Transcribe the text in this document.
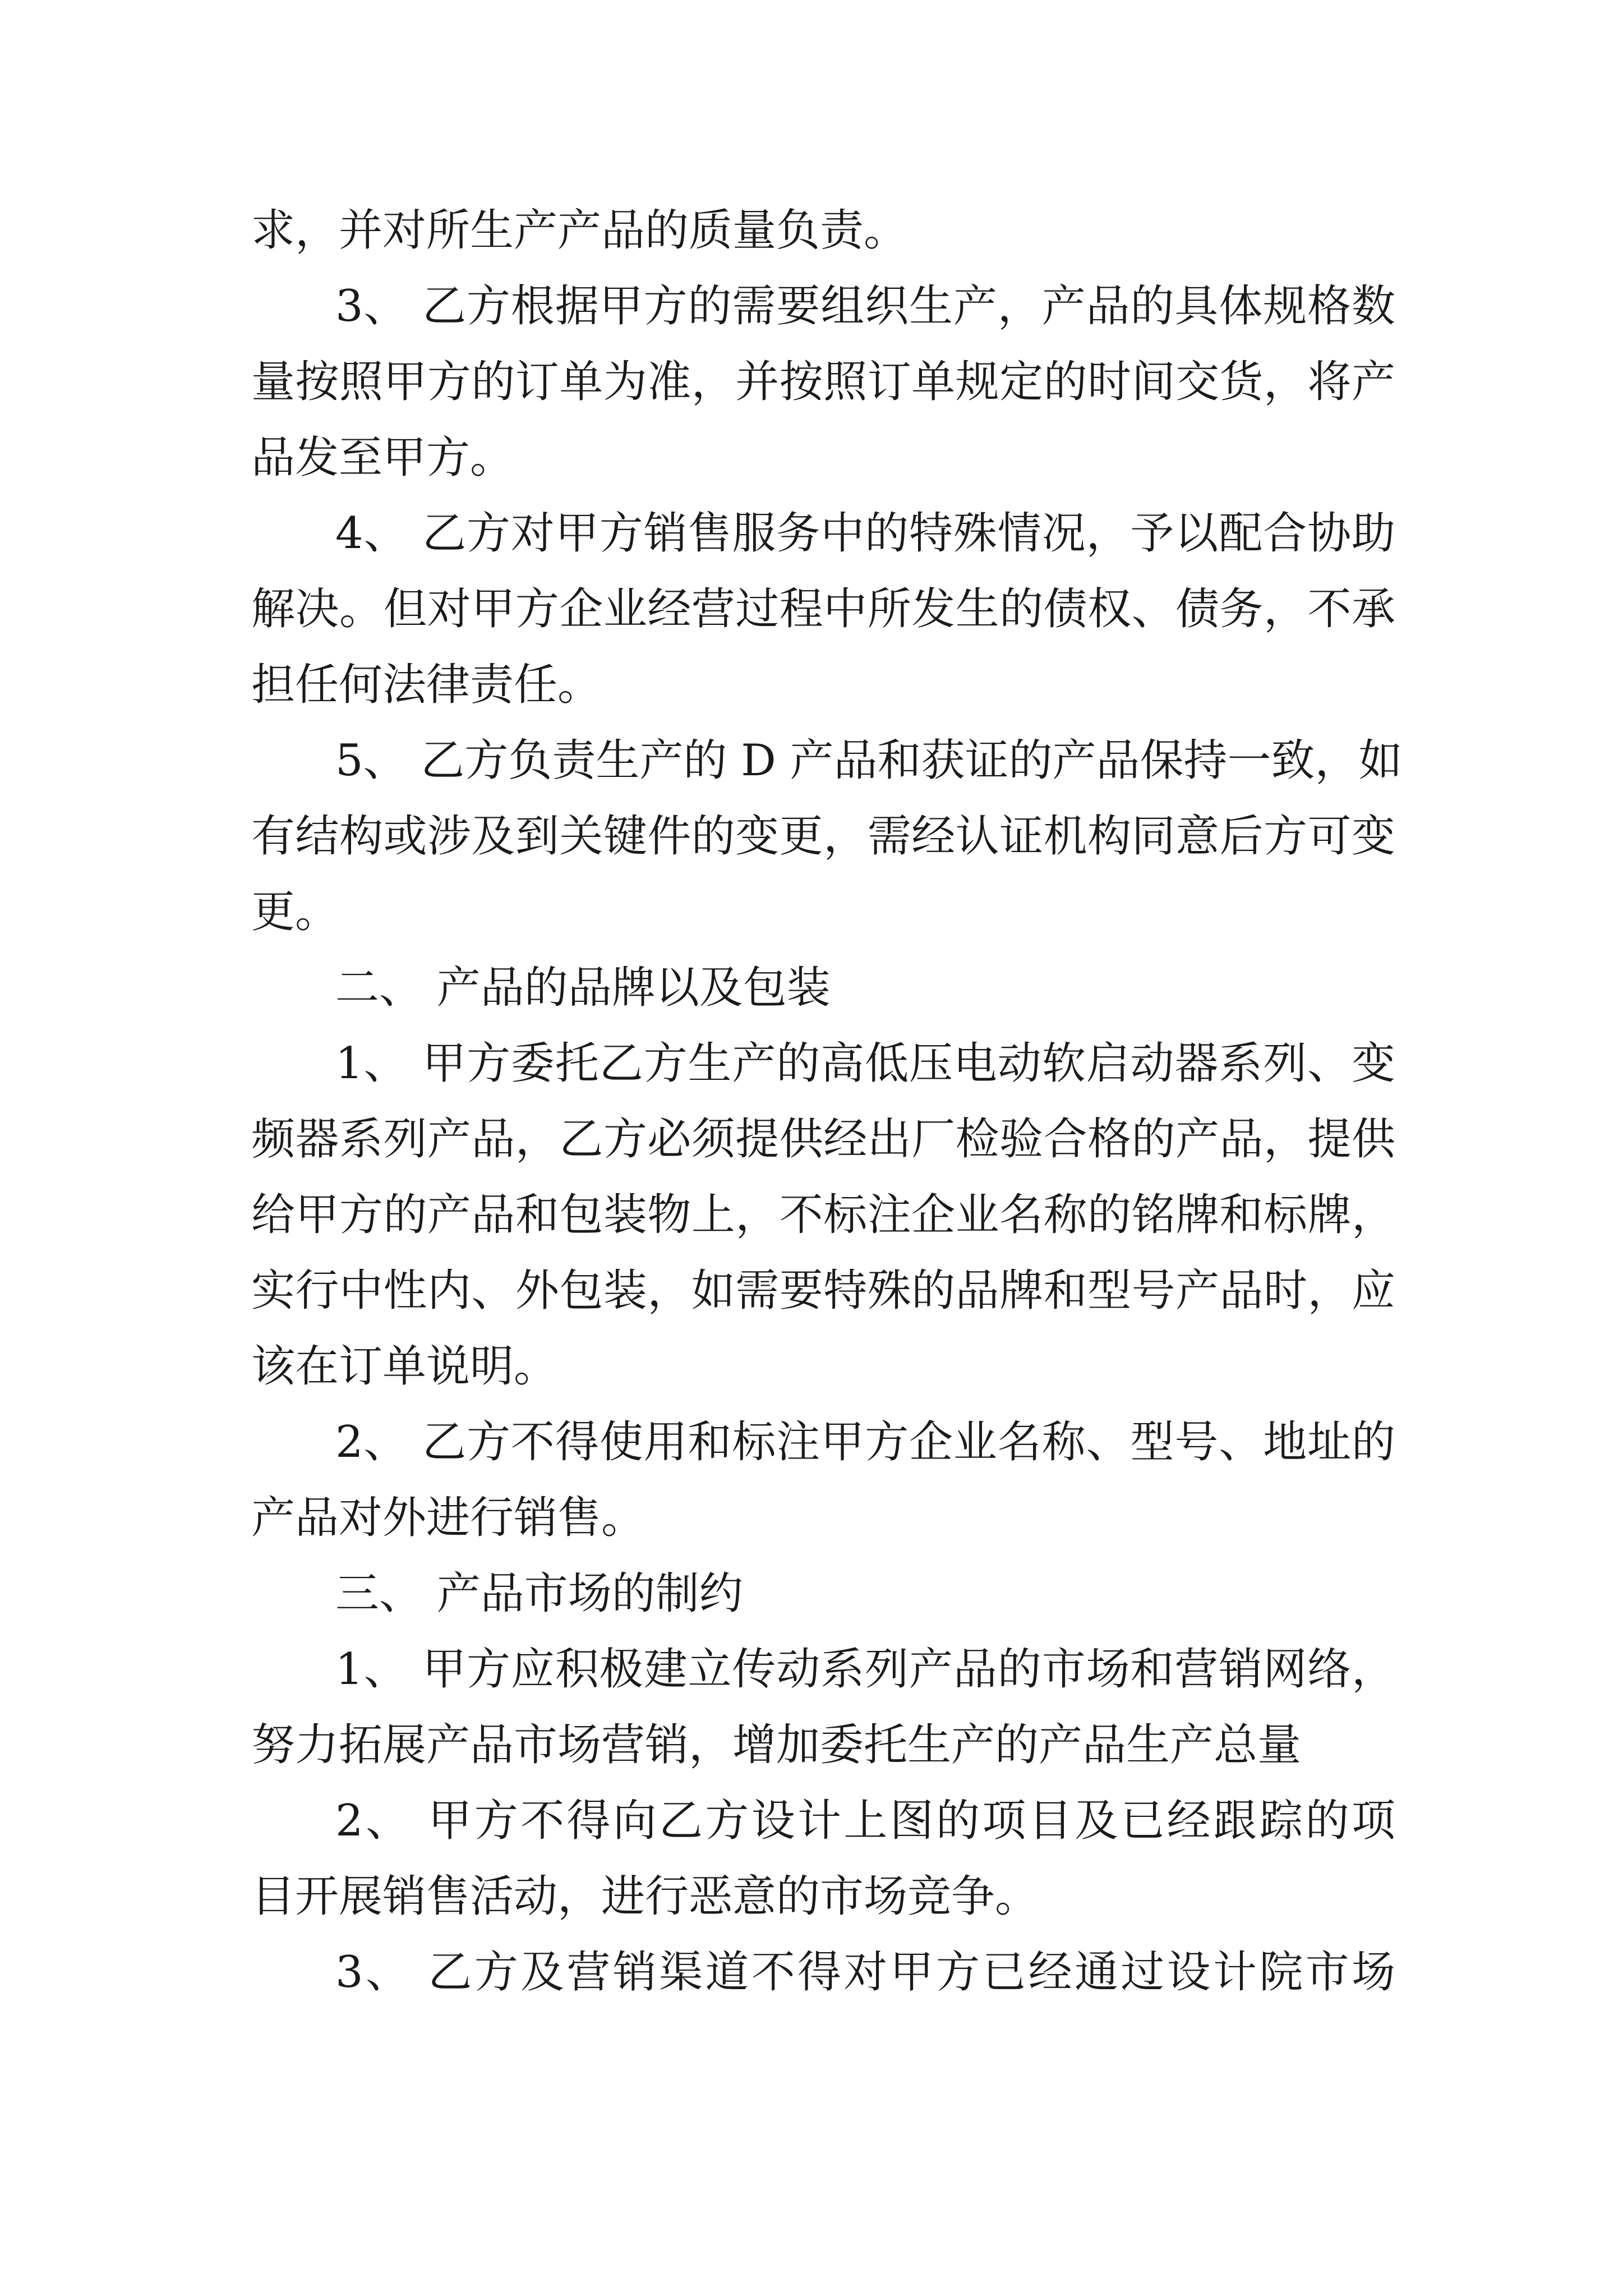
求，并对所生产产品的质量负责。
3、 乙方根据甲方的需要组织生产，产品的具体规格数
量按照甲方的订单为准，并按照订单规定的时间交货，将产
品发至甲方。
4、 乙方对甲方销售服务中的特殊情况，予以配合协助
解决。但对甲方企业经营过程中所发生的债权、债务，不承
担任何法律责任。
5、 乙方负责生产的 D 产品和获证的产品保持一致，如
有结构或涉及到关键件的变更，需经认证机构同意后方可变
更。
二、 产品的品牌以及包装
1、 甲方委托乙方生产的高低压电动软启动器系列、变
频器系列产品，乙方必须提供经出厂检验合格的产品，提供
给甲方的产品和包装物上，不标注企业名称的铭牌和标牌，
实行中性内、外包装，如需要特殊的品牌和型号产品时，应
该在订单说明。
2、 乙方不得使用和标注甲方企业名称、型号、地址的
产品对外进行销售。
三、 产品市场的制约
1、 甲方应积极建立传动系列产品的市场和营销网络，
努力拓展产品市场营销，增加委托生产的产品生产总量
2、 甲方不得向乙方设计上图的项目及已经跟踪的项
目开展销售活动，进行恶意的市场竞争。
3、 乙方及营销渠道不得对甲方已经通过设计院市场
